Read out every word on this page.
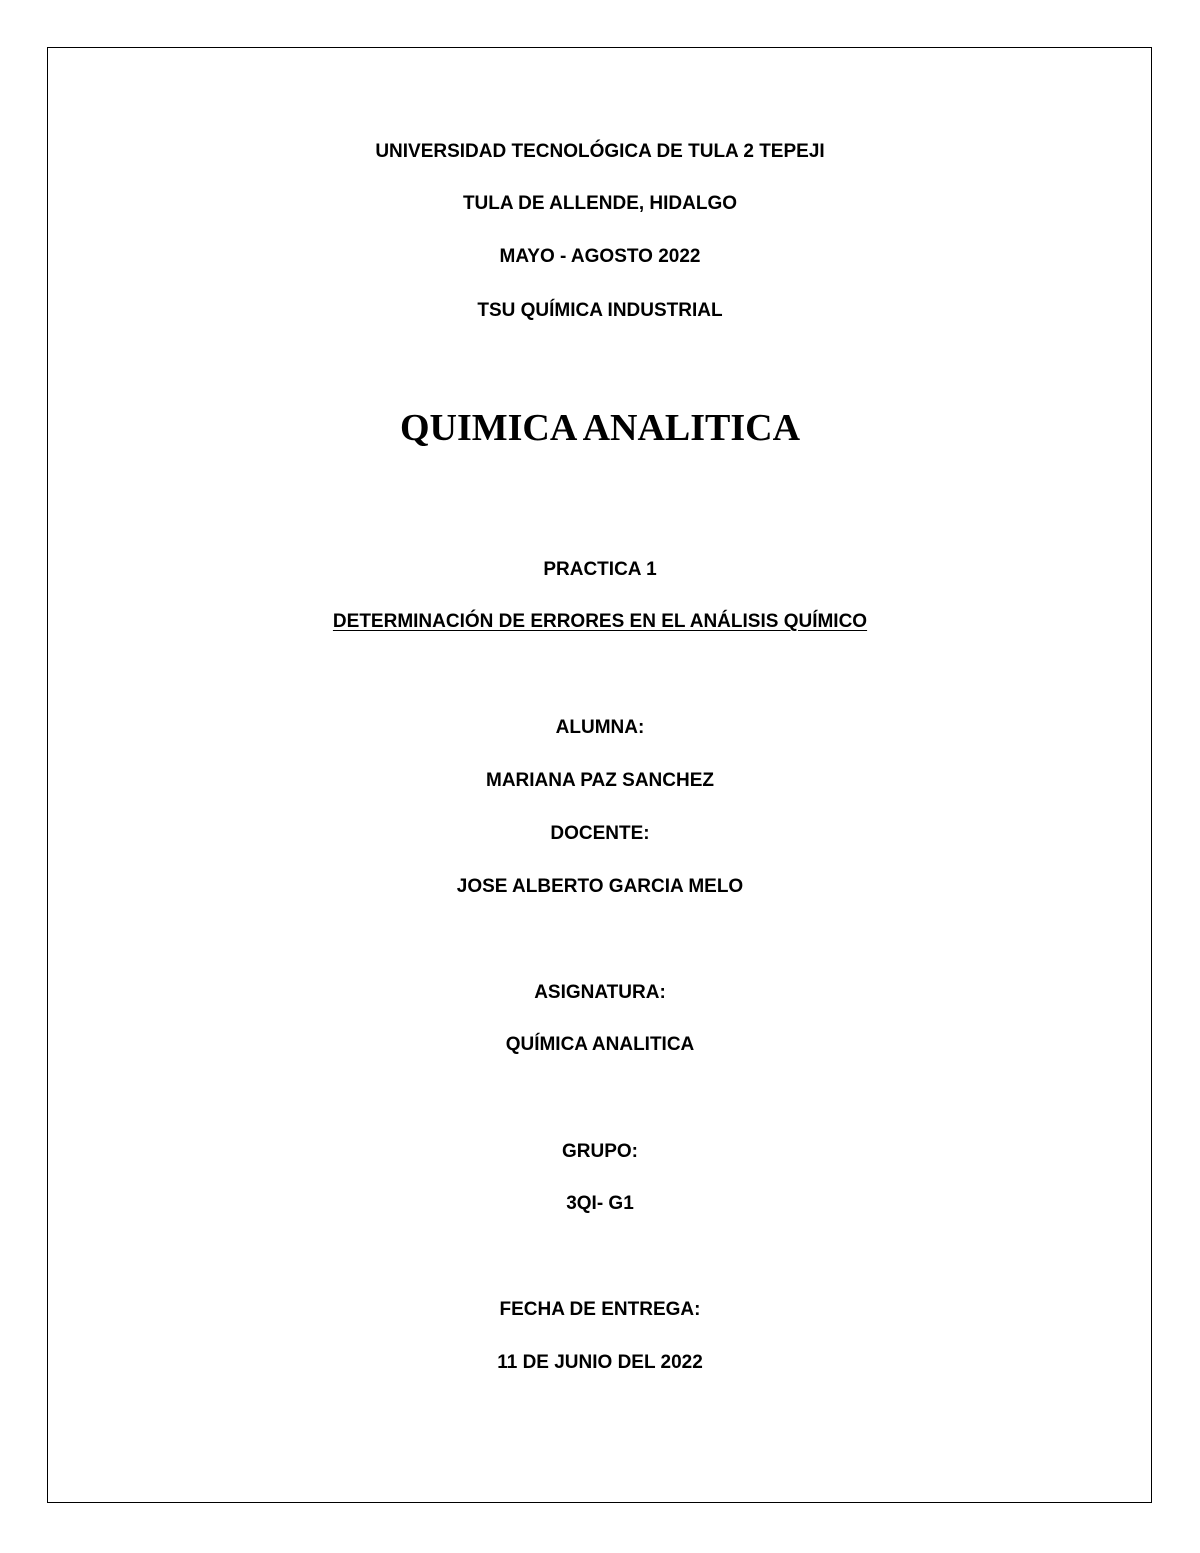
UNIVERSIDAD TECNOLÓGICA DE TULA 2 TEPEJI
TULA DE ALLENDE, HIDALGO
MAYO - AGOSTO 2022
TSU QUÍMICA INDUSTRIAL
QUIMICA ANALITICA
PRACTICA 1
DETERMINACIÓN DE ERRORES EN EL ANÁLISIS QUÍMICO
ALUMNA:
MARIANA PAZ SANCHEZ
DOCENTE:
JOSE ALBERTO GARCIA MELO
ASIGNATURA:
QUÍMICA ANALITICA
GRUPO:
3QI- G1
FECHA DE ENTREGA:
11 DE JUNIO DEL 2022
